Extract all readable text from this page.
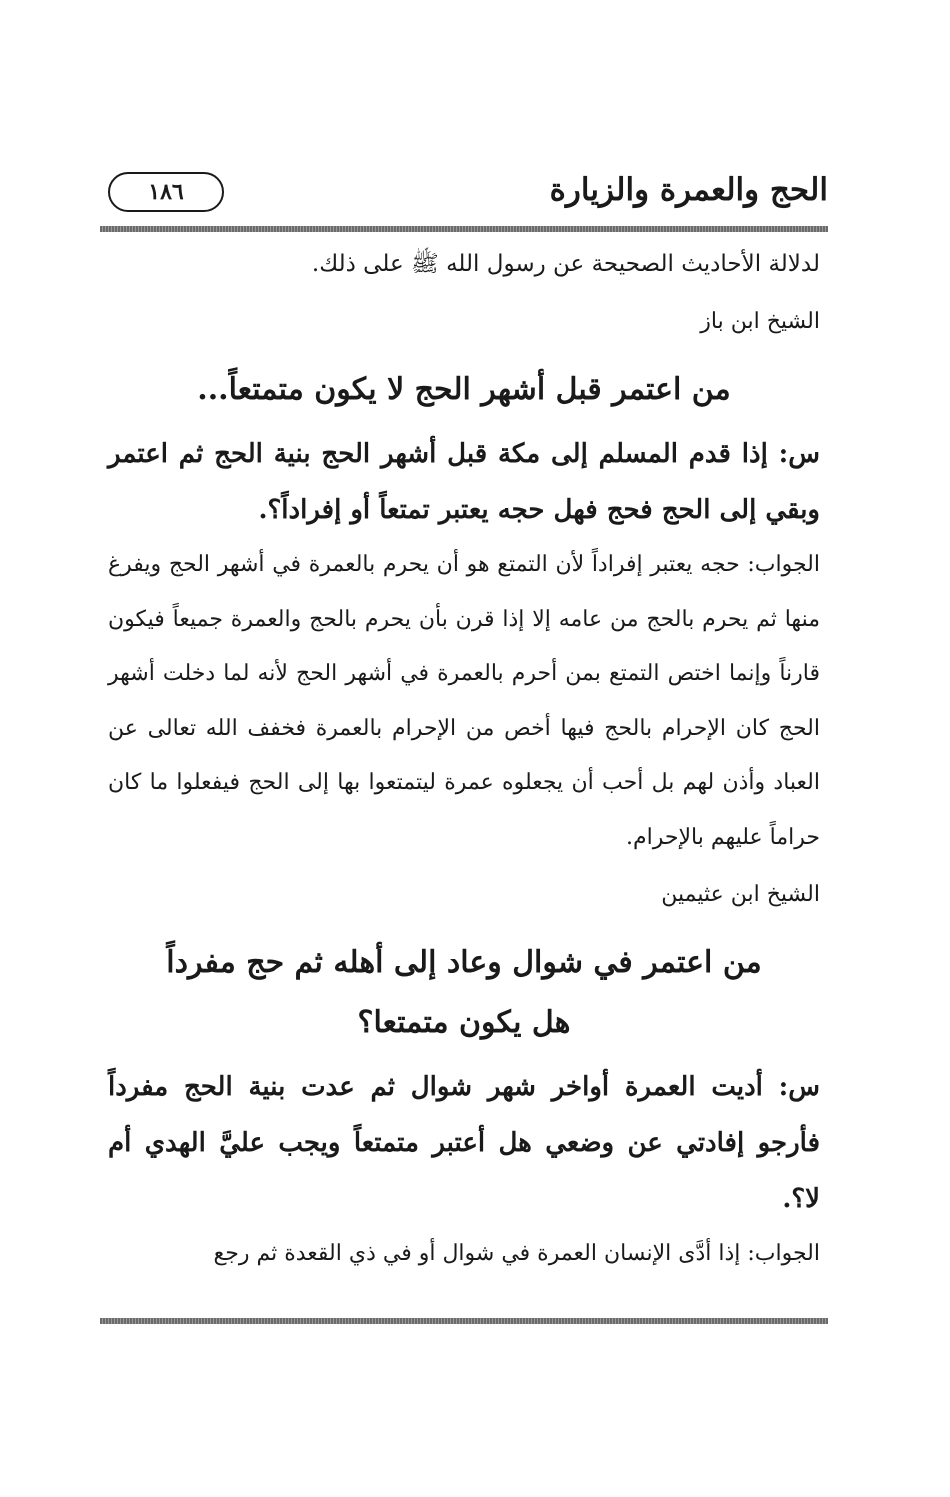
الحج والعمرة والزيارة
١٨٦

لدلالة الأحاديث الصحيحة عن رسول الله ﷺ على ذلك.

الشيخ ابن باز

من اعتمر قبل أشهر الحج لا يكون متمتعاً...

س: إذا قدم المسلم إلى مكة قبل أشهر الحج بنية الحج ثم اعتمر وبقي إلى الحج فحج فهل حجه يعتبر تمتعاً أو إفراداً؟.

الجواب: حجه يعتبر إفراداً لأن التمتع هو أن يحرم بالعمرة في أشهر الحج ويفرغ منها ثم يحرم بالحج من عامه إلا إذا قرن بأن يحرم بالحج والعمرة جميعاً فيكون قارناً وإنما اختص التمتع بمن أحرم بالعمرة في أشهر الحج لأنه لما دخلت أشهر الحج كان الإحرام بالحج فيها أخص من الإحرام بالعمرة فخفف الله تعالى عن العباد وأذن لهم بل أحب أن يجعلوه عمرة ليتمتعوا بها إلى الحج فيفعلوا ما كان حراماً عليهم بالإحرام.

الشيخ ابن عثيمين

من اعتمر في شوال وعاد إلى أهله ثم حج مفرداً
هل يكون متمتعا؟

س: أديت العمرة أواخر شهر شوال ثم عدت بنية الحج مفرداً فأرجو إفادتي عن وضعي هل أعتبر متمتعاً ويجب عليَّ الهدي أم لا؟.

الجواب: إذا أدَّى الإنسان العمرة في شوال أو في ذي القعدة ثم رجع
